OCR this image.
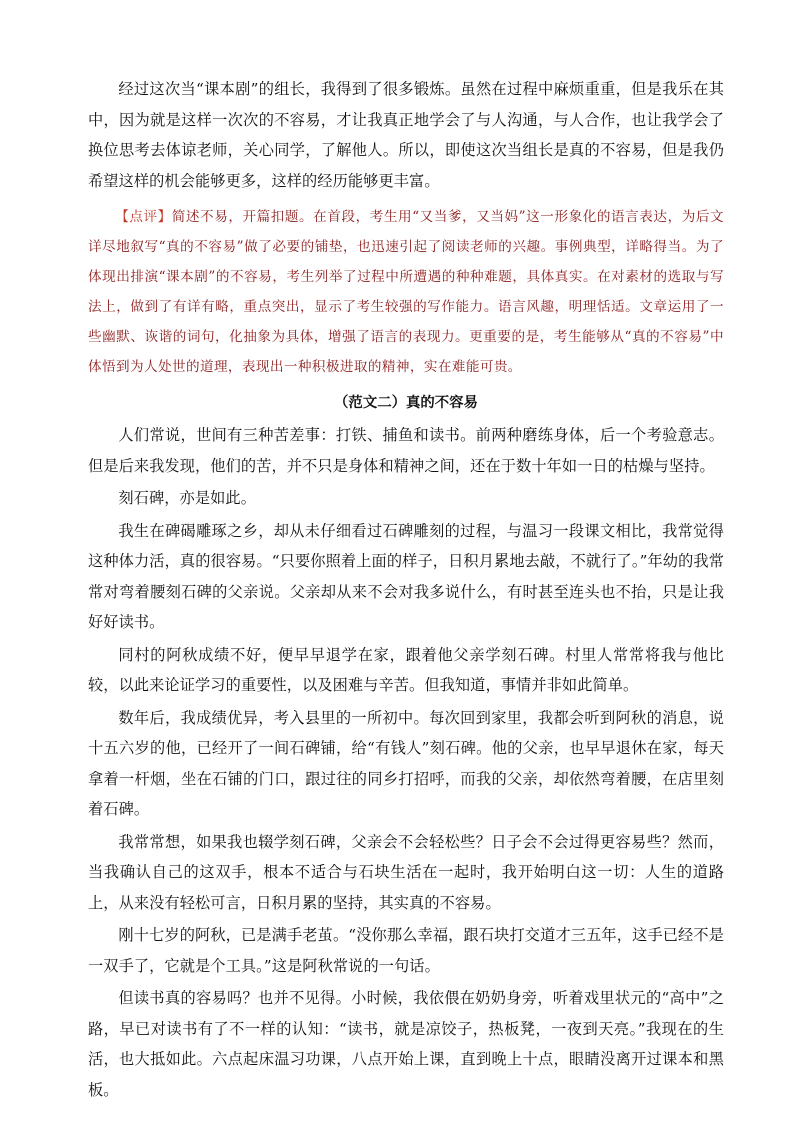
经过这次当“课本剧”的组长，我得到了很多锻炼。虽然在过程中麻烦重重，但是我乐在其中，因为就是这样一次次的不容易，才让我真正地学会了与人沟通，与人合作，也让我学会了换位思考去体谅老师，关心同学，了解他人。所以，即使这次当组长是真的不容易，但是我仍希望这样的机会能够更多，这样的经历能够更丰富。

【点评】简述不易，开篇扣题。在首段，考生用“又当爹，又当妈”这一形象化的语言表达，为后文详尽地叙写“真的不容易”做了必要的铺垫，也迅速引起了阅读老师的兴趣。事例典型，详略得当。为了体现出排演“课本剧”的不容易，考生列举了过程中所遭遇的种种难题，具体真实。在对素材的选取与写法上，做到了有详有略，重点突出，显示了考生较强的写作能力。语言风趣，明理恬适。文章运用了一些幽默、诙谐的词句，化抽象为具体，增强了语言的表现力。更重要的是，考生能够从“真的不容易”中体悟到为人处世的道理，表现出一种积极进取的精神，实在难能可贵。

（范文二）真的不容易

人们常说，世间有三种苦差事：打铁、捕鱼和读书。前两种磨练身体，后一个考验意志。但是后来我发现，他们的苦，并不只是身体和精神之间，还在于数十年如一日的枯燥与坚持。

刻石碑，亦是如此。

我生在碑碣雕琢之乡，却从未仔细看过石碑雕刻的过程，与温习一段课文相比，我常觉得这种体力活，真的很容易。“只要你照着上面的样子，日积月累地去敲，不就行了。”年幼的我常常对弯着腰刻石碑的父亲说。父亲却从来不会对我多说什么，有时甚至连头也不抬，只是让我好好读书。

同村的阿秋成绩不好，便早早退学在家，跟着他父亲学刻石碑。村里人常常将我与他比较，以此来论证学习的重要性，以及困难与辛苦。但我知道，事情并非如此简单。

数年后，我成绩优异，考入县里的一所初中。每次回到家里，我都会听到阿秋的消息，说十五六岁的他，已经开了一间石碑铺，给“有钱人”刻石碑。他的父亲，也早早退休在家，每天拿着一杆烟，坐在石铺的门口，跟过往的同乡打招呼，而我的父亲，却依然弯着腰，在店里刻着石碑。

我常常想，如果我也辍学刻石碑，父亲会不会轻松些？日子会不会过得更容易些？然而，当我确认自己的这双手，根本不适合与石块生活在一起时，我开始明白这一切：人生的道路上，从来没有轻松可言，日积月累的坚持，其实真的不容易。

刚十七岁的阿秋，已是满手老茧。“没你那么幸福，跟石块打交道才三五年，这手已经不是一双手了，它就是个工具。”这是阿秋常说的一句话。

但读书真的容易吗？也并不见得。小时候，我依偎在奶奶身旁，听着戏里状元的“高中”之路，早已对读书有了不一样的认知：“读书，就是凉饺子，热板凳，一夜到天亮。”我现在的生活，也大抵如此。六点起床温习功课，八点开始上课，直到晚上十点，眼睛没离开过课本和黑板。
